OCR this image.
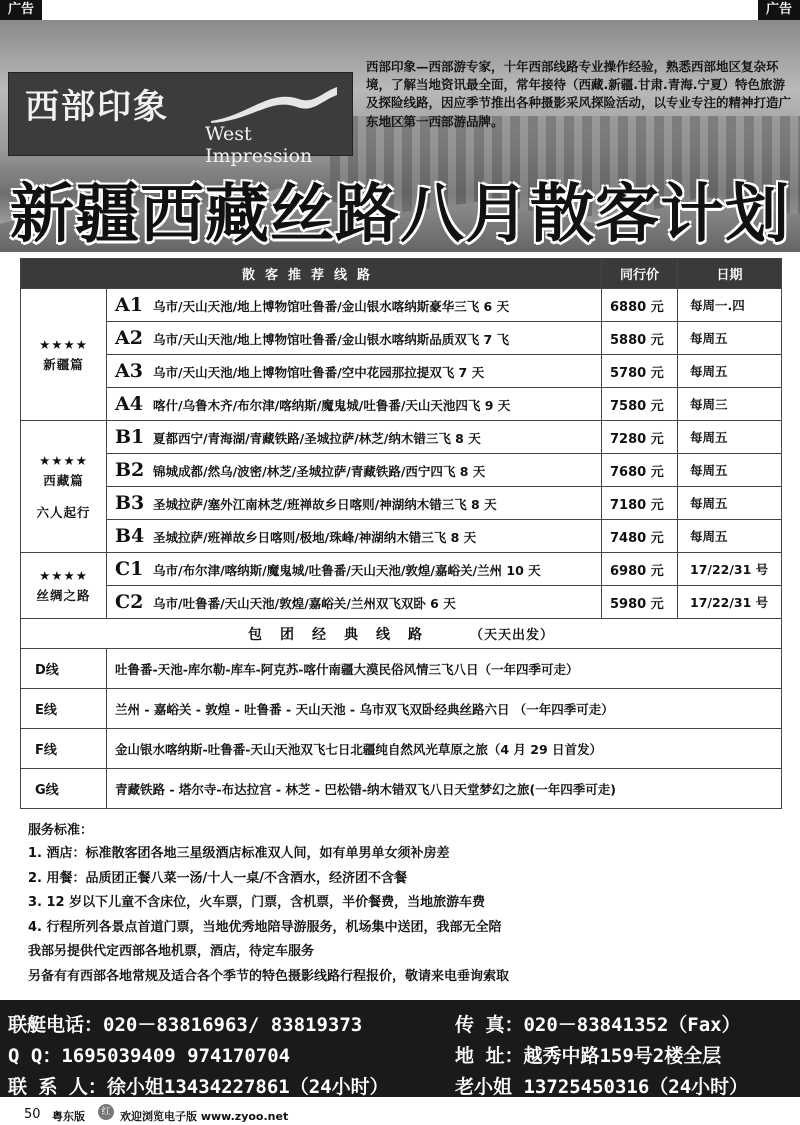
广告	广告
西部印象
West Impression
西部印象—西部游专家，十年西部线路专业操作经验，熟悉西部地区复杂环境，了解当地资讯最全面，常年接待（西藏.新疆.甘肃.青海.宁夏）特色旅游及探险线路，因应季节推出各种摄影采风探险活动，以专业专注的精神打造广东地区第一西部游品牌。
新疆西藏丝路八月散客计划
散客推荐线路		同行价	日期

★★★★
新疆篇	A1 乌市/天山天池/地上博物馆吐鲁番/金山银水喀纳斯豪华三飞 6 天	6880 元	每周一.四
	A2 乌市/天山天池/地上博物馆吐鲁番/金山银水喀纳斯品质双飞 7 飞	5880 元	每周五
	A3 乌市/天山天池/地上博物馆吐鲁番/空中花园那拉提双飞 7 天	5780 元	每周五
	A4 喀什/乌鲁木齐/布尔津/喀纳斯/魔鬼城/吐鲁番/天山天池四飞 9 天	7580 元	每周三

★★★★
西藏篇
六人起行	B1 夏都西宁/青海湖/青藏铁路/圣城拉萨/林芝/纳木错三飞 8 天	7280 元	每周五
	B2 锦城成都/然乌/波密/林芝/圣城拉萨/青藏铁路/西宁四飞 8 天	7680 元	每周五
	B3 圣城拉萨/塞外江南林芝/班禅故乡日喀则/神湖纳木错三飞 8 天	7180 元	每周五
	B4 圣城拉萨/班禅故乡日喀则/极地/珠峰/神湖纳木错三飞 8 天	7480 元	每周五

★★★★
丝绸之路	C1 乌市/布尔津/喀纳斯/魔鬼城/吐鲁番/天山天池/敦煌/嘉峪关/兰州 10 天	6980 元	17/22/31 号
	C2 乌市/吐鲁番/天山天池/敦煌/嘉峪关/兰州双飞双卧 6 天	5980 元	17/22/31 号
包团经典线路 （天天出发）			
D线	吐鲁番-天池-库尔勒-库车-阿克苏-喀什南疆大漠民俗风情三飞八日（一年四季可走）		
E线	兰州 - 嘉峪关 - 敦煌 - 吐鲁番 - 天山天池 - 乌市双飞双卧经典丝路六日 （一年四季可走）		
F线	金山银水喀纳斯-吐鲁番-天山天池双飞七日北疆纯自然风光草原之旅（4 月 29 日首发）		
G线	青藏铁路 - 塔尔寺-布达拉宫 - 林芝 - 巴松错-纳木错双飞八日天堂梦幻之旅(一年四季可走)		
服务标准：
1. 酒店：标准散客团各地三星级酒店标准双人间，如有单男单女须补房差
2. 用餐：品质团正餐八菜一汤/十人一桌/不含酒水，经济团不含餐
3. 12 岁以下儿童不含床位，火车票，门票，含机票，半价餐费，当地旅游车费
4. 行程所列各景点首道门票，当地优秀地陪导游服务，机场集中送团，我部无全陪
我部另提供代定西部各地机票，酒店，待定车服务
另备有有西部各地常规及适合各个季节的特色摄影线路行程报价，敬请来电垂询索取
联艇电话：020－83816963/ 83819373	传 真：020－83841352（Fax）
Q Q：1695039409 974170704	地 址：越秀中路159号2楼全层
联 系 人：徐小姐13434227861（24小时）	老小姐 13725450316（24小时）
50 粤东版	红 欢迎浏览电子版 www.zyoo.net
